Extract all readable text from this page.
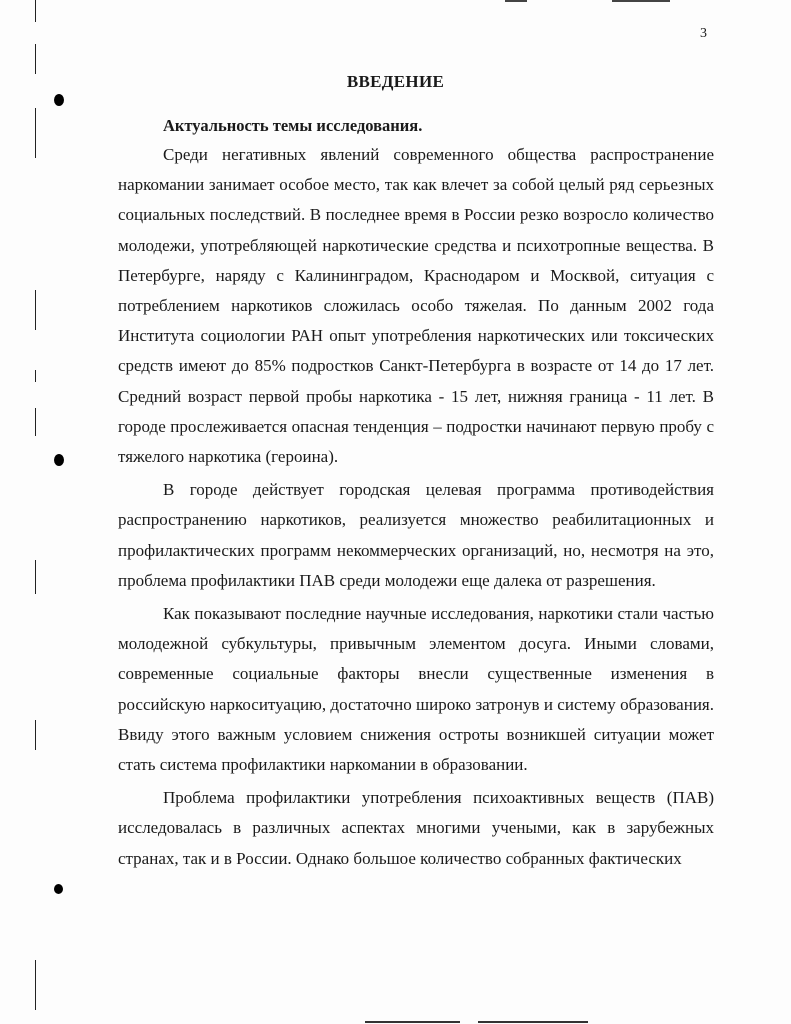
3
ВВЕДЕНИЕ
Актуальность темы исследования.

Среди негативных явлений современного общества распространение наркомании занимает особое место, так как влечет за собой целый ряд серьезных социальных последствий. В последнее время в России резко возросло количество молодежи, употребляющей наркотические средства и психотропные вещества. В Петербурге, наряду с Калининградом, Краснодаром и Москвой, ситуация с потреблением наркотиков сложилась особо тяжелая. По данным 2002 года Института социологии РАН опыт употребления наркотических или токсических средств имеют до 85% подростков Санкт-Петербурга в возрасте от 14 до 17 лет. Средний возраст первой пробы наркотика - 15 лет, нижняя граница - 11 лет. В городе прослеживается опасная тенденция – подростки начинают первую пробу с тяжелого наркотика (героина).

В городе действует городская целевая программа противодействия распространению наркотиков, реализуется множество реабилитационных и профилактических программ некоммерческих организаций, но, несмотря на это, проблема профилактики ПАВ среди молодежи еще далека от разрешения.

Как показывают последние научные исследования, наркотики стали частью молодежной субкультуры, привычным элементом досуга. Иными словами, современные социальные факторы внесли существенные изменения в российскую наркоситуацию, достаточно широко затронув и систему образования. Ввиду этого важным условием снижения остроты возникшей ситуации может стать система профилактики наркомании в образовании.

Проблема профилактики употребления психоактивных веществ (ПАВ) исследовалась в различных аспектах многими учеными, как в зарубежных странах, так и в России. Однако большое количество собранных фактических
